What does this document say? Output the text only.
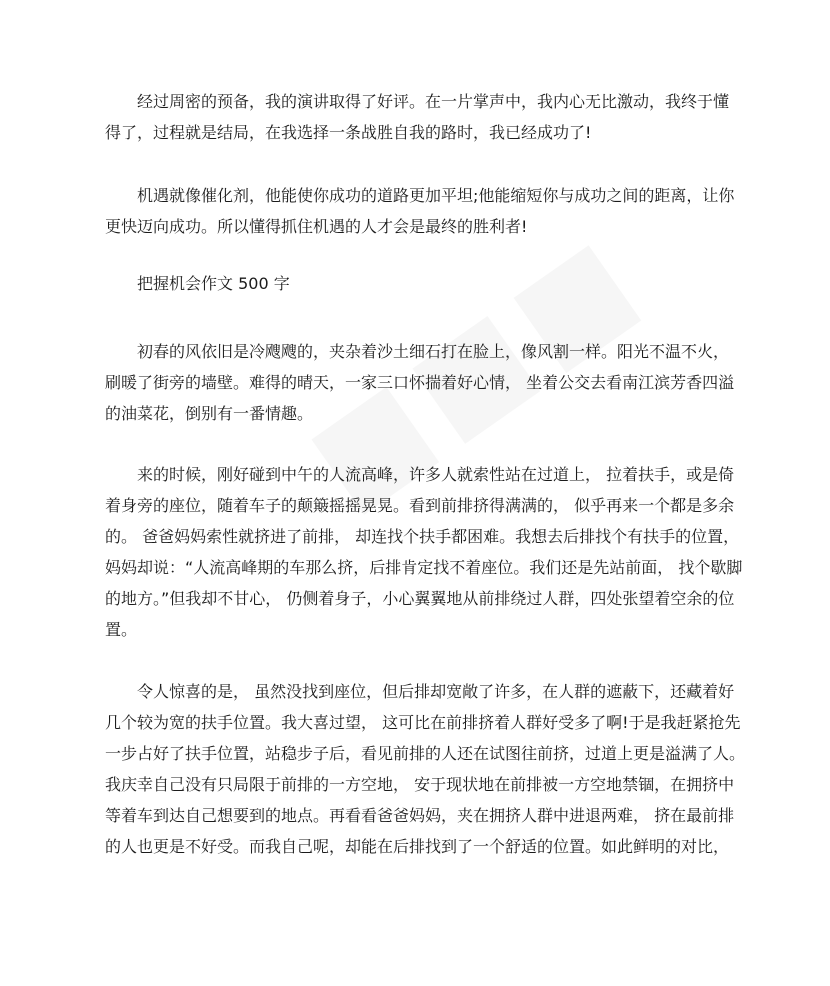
经过周密的预备，我的演讲取得了好评。在一片掌声中，我内心无比激动，我终于懂
得了，过程就是结局，在我选择一条战胜自我的路时，我已经成功了!

机遇就像催化剂，他能使你成功的道路更加平坦;他能缩短你与成功之间的距离，让你
更快迈向成功。所以懂得抓住机遇的人才会是最终的胜利者!

把握机会作文 500 字

初春的风依旧是冷飕飕的，夹杂着沙土细石打在脸上，像风割一样。阳光不温不火，
刷暖了街旁的墙壁。难得的晴天，一家三口怀揣着好心情， 坐着公交去看南江滨芳香四溢
的油菜花，倒别有一番情趣。

来的时候，刚好碰到中午的人流高峰，许多人就索性站在过道上， 拉着扶手，或是倚
着身旁的座位，随着车子的颠簸摇摇晃晃。看到前排挤得满满的， 似乎再来一个都是多余
的。 爸爸妈妈索性就挤进了前排， 却连找个扶手都困难。我想去后排找个有扶手的位置，
妈妈却说：“人流高峰期的车那么挤，后排肯定找不着座位。我们还是先站前面， 找个歇脚
的地方。”但我却不甘心， 仍侧着身子，小心翼翼地从前排绕过人群，四处张望着空余的位
置。

令人惊喜的是， 虽然没找到座位，但后排却宽敞了许多，在人群的遮蔽下，还藏着好
几个较为宽的扶手位置。我大喜过望， 这可比在前排挤着人群好受多了啊!于是我赶紧抢先
一步占好了扶手位置，站稳步子后，看见前排的人还在试图往前挤，过道上更是溢满了人。
我庆幸自己没有只局限于前排的一方空地， 安于现状地在前排被一方空地禁锢，在拥挤中
等着车到达自己想要到的地点。再看看爸爸妈妈，夹在拥挤人群中进退两难， 挤在最前排
的人也更是不好受。而我自己呢，却能在后排找到了一个舒适的位置。如此鲜明的对比，
